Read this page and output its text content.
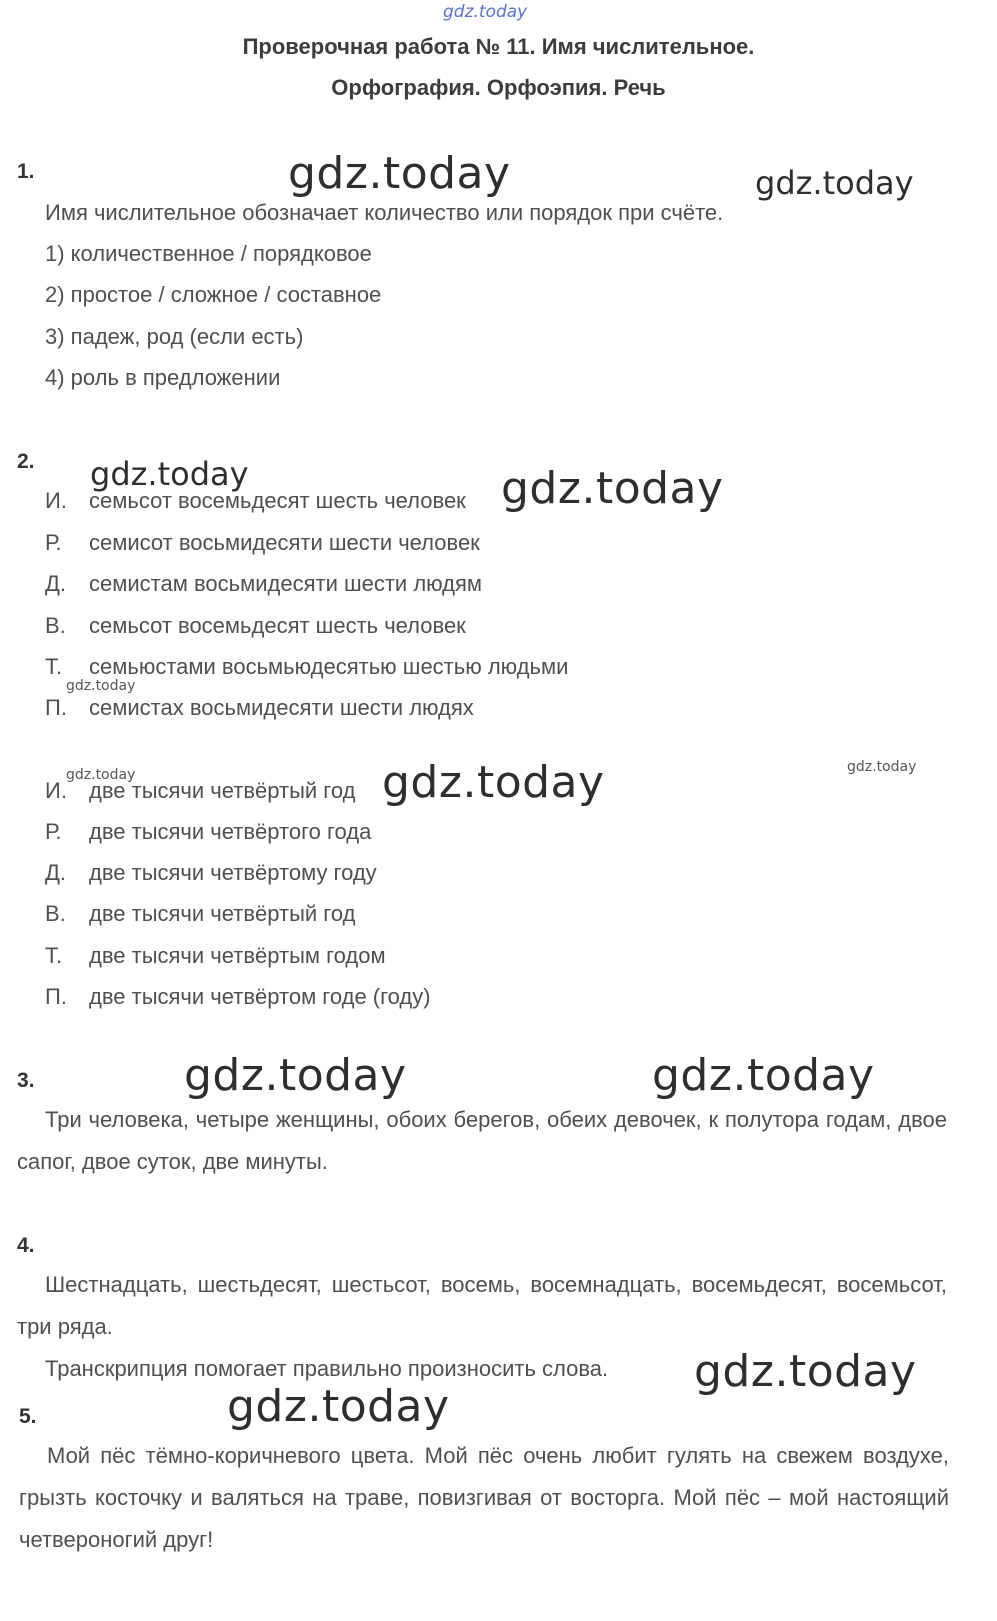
gdz.today
Проверочная работа № 11. Имя числительное.
Орфография. Орфоэпия. Речь
1.
Имя числительное обозначает количество или порядок при счёте.
1) количественное / порядковое
2) простое / сложное / составное
3) падеж, род (если есть)
4) роль в предложении
2.
И. семьсот восемьдесят шесть человек
Р. семисот восьмидесяти шести человек
Д. семистам восьмидесяти шести людям
В. семьсот восемьдесят шесть человек
Т. семьюстами восьмьюдесятью шестью людьми
П. семистах восьмидесяти шести людях
И. две тысячи четвёртый год
Р. две тысячи четвёртого года
Д. две тысячи четвёртому году
В. две тысячи четвёртый год
Т. две тысячи четвёртым годом
П. две тысячи четвёртом годе (году)
3.
Три человека, четыре женщины, обоих берегов, обеих девочек, к полутора годам, двое сапог, двое суток, две минуты.
4.
Шестнадцать, шестьдесят, шестьсот, восемь, восемнадцать, восемьдесят, восемьсот, три ряда.
Транскрипция помогает правильно произносить слова.
5.
Мой пёс тёмно-коричневого цвета. Мой пёс очень любит гулять на свежем воздухе, грызть косточку и валяться на траве, повизгивая от восторга. Мой пёс – мой настоящий четвероногий друг!
gdz.today	gdz.today
gdz.today	gdz.today
gdz.today
gdz.today	gdz.today	gdz.today
gdz.today	gdz.today
gdz.today
gdz.today
